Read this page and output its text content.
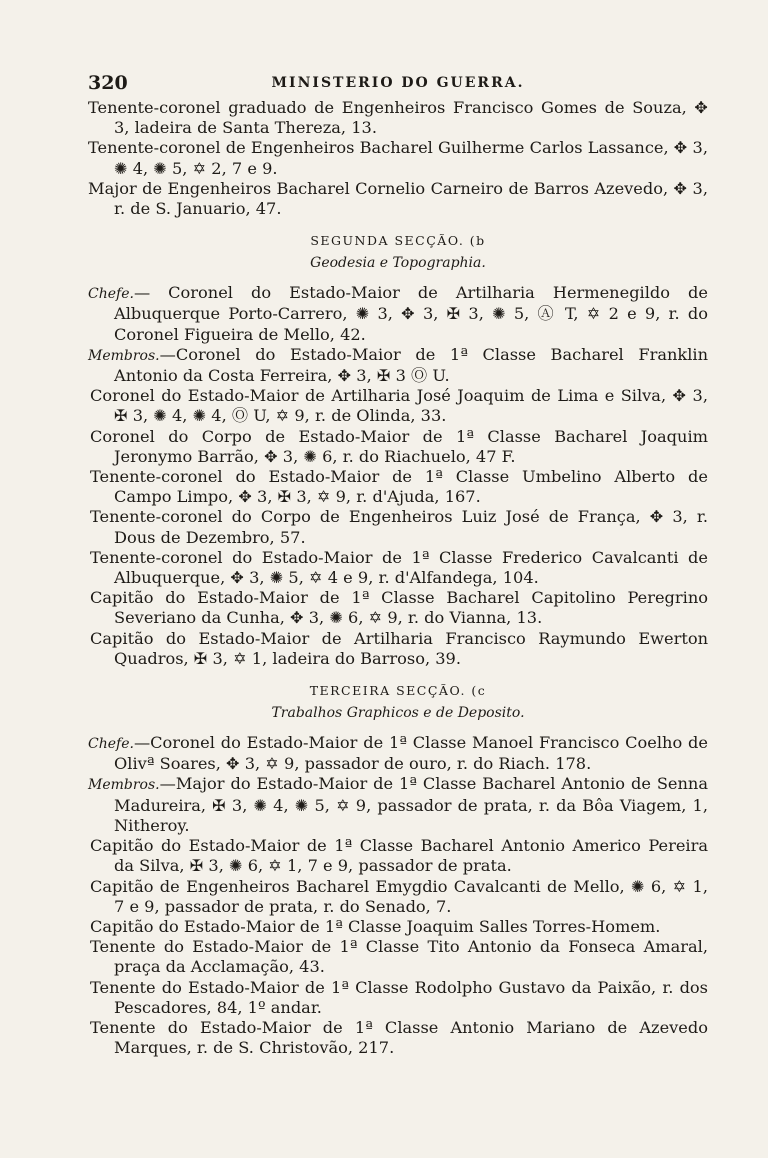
320	MINISTERIO DO GUERRA.

Tenente-coronel graduado de Engenheiros Francisco Gomes de Souza, ✥ 3, ladeira de Santa Thereza, 13.

Tenente-coronel de Engenheiros Bacharel Guilherme Carlos Lassance, ✥ 3, ✺ 4, ✺ 5, ✡ 2, 7 e 9.

Major de Engenheiros Bacharel Cornelio Carneiro de Barros Azevedo, ✥ 3, r. de S. Januario, 47.

SEGUNDA SECÇÃO. (b
Geodesia e Topographia.

Chefe.— Coronel do Estado-Maior de Artilharia Hermenegildo de Albuquerque Porto-Carrero, ✺ 3, ✥ 3, ✠ 3, ✺ 5, Ⓐ T, ✡ 2 e 9, r. do Coronel Figueira de Mello, 42.

Membros.—Coronel do Estado-Maior de 1ª Classe Bacharel Franklin Antonio da Costa Ferreira, ✥ 3, ✠ 3 Ⓞ U.

Coronel do Estado-Maior de Artilharia José Joaquim de Lima e Silva, ✥ 3, ✠ 3, ✺ 4, ✺ 4, Ⓞ U, ✡ 9, r. de Olinda, 33.

Coronel do Corpo de Estado-Maior de 1ª Classe Bacharel Joaquim Jeronymo Barrão, ✥ 3, ✺ 6, r. do Riachuelo, 47 F.

Tenente-coronel do Estado-Maior de 1ª Classe Umbelino Alberto de Campo Limpo, ✥ 3, ✠ 3, ✡ 9, r. d'Ajuda, 167.

Tenente-coronel do Corpo de Engenheiros Luiz José de França, ✥ 3, r. Dous de Dezembro, 57.

Tenente-coronel do Estado-Maior de 1ª Classe Frederico Cavalcanti de Albuquerque, ✥ 3, ✺ 5, ✡ 4 e 9, r. d'Alfandega, 104.

Capitão do Estado-Maior de 1ª Classe Bacharel Capitolino Peregrino Severiano da Cunha, ✥ 3, ✺ 6, ✡ 9, r. do Vianna, 13.

Capitão do Estado-Maior de Artilharia Francisco Raymundo Ewerton Quadros, ✠ 3, ✡ 1, ladeira do Barroso, 39.

TERCEIRA SECÇÃO. (c
Trabalhos Graphicos e de Deposito.

Chefe.—Coronel do Estado-Maior de 1ª Classe Manoel Francisco Coelho de Olivª Soares, ✥ 3, ✡ 9, passador de ouro, r. do Riach. 178.

Membros.—Major do Estado-Maior de 1ª Classe Bacharel Antonio de Senna Madureira, ✠ 3, ✺ 4, ✺ 5, ✡ 9, passador de prata, r. da Bôa Viagem, 1, Nitheroy.

Capitão do Estado-Maior de 1ª Classe Bacharel Antonio Americo Pereira da Silva, ✠ 3, ✺ 6, ✡ 1, 7 e 9, passador de prata.

Capitão de Engenheiros Bacharel Emygdio Cavalcanti de Mello, ✺ 6, ✡ 1, 7 e 9, passador de prata, r. do Senado, 7.

Capitão do Estado-Maior de 1ª Classe Joaquim Salles Torres-Homem.

Tenente do Estado-Maior de 1ª Classe Tito Antonio da Fonseca Amaral, praça da Acclamação, 43.

Tenente do Estado-Maior de 1ª Classe Rodolpho Gustavo da Paixão, r. dos Pescadores, 84, 1º andar.

Tenente do Estado-Maior de 1ª Classe Antonio Mariano de Azevedo Marques, r. de S. Christovão, 217.
